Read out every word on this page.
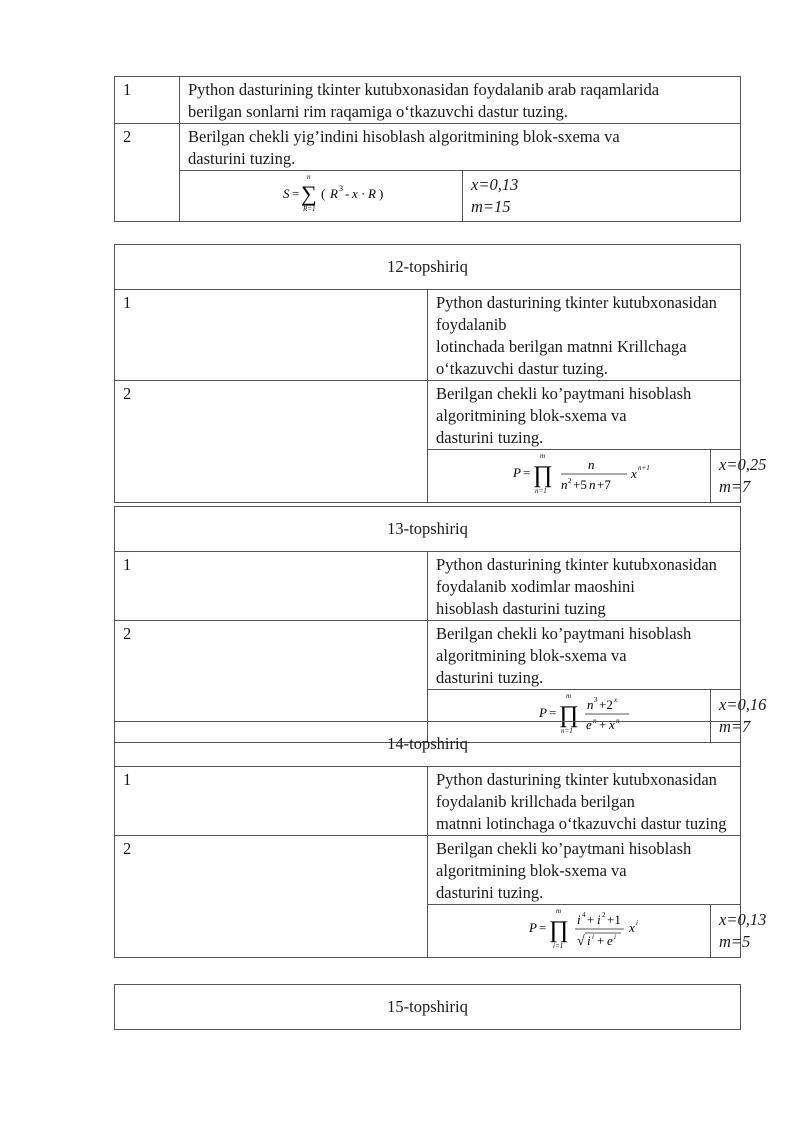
1	Python dasturining tkinter kutubxonasidan foydalanib arab raqamlarida
berilgan sonlarni rim raqamiga o‘tkazuvchi dastur tuzing.
2	Berilgan chekli yig’indini hisoblash algoritmining blok-sxema va
dasturini tuzing.

S = ∑
n
R=1
( R 3 - x · R )	x=0,13
m=15
12-topshiriq
1	Python dasturining tkinter kutubxonasidan foydalanib
lotinchada berilgan matnni Krillchaga o‘tkazuvchi dastur tuzing.
2	Berilgan chekli ko’paytmani hisoblash algoritmining blok-sxema va
dasturini tuzing.

P = ∏
m
n=1
n
n 2 +5 n +7
x n+1	x=0,25
m=7
13-topshiriq
1	Python dasturining tkinter kutubxonasidan foydalanib xodimlar maoshini
hisoblash dasturini tuzing
2	Berilgan chekli ko’paytmani hisoblash algoritmining blok-sxema va
dasturini tuzing.

P = ∏
m
n=1
n 3 +2 x
e n + x n
	x=0,16
m=7
14-topshiriq
1	Python dasturining tkinter kutubxonasidan foydalanib krillchada berilgan
matnni lotinchaga o‘tkazuvchi dastur tuzing
2	Berilgan chekli ko’paytmani hisoblash algoritmining blok-sxema va
dasturini tuzing.

P = ∏
m
i=1
i 4 + i 2 +1
√ i i + e i
x i	x=0,13
m=5
15-topshiriq
